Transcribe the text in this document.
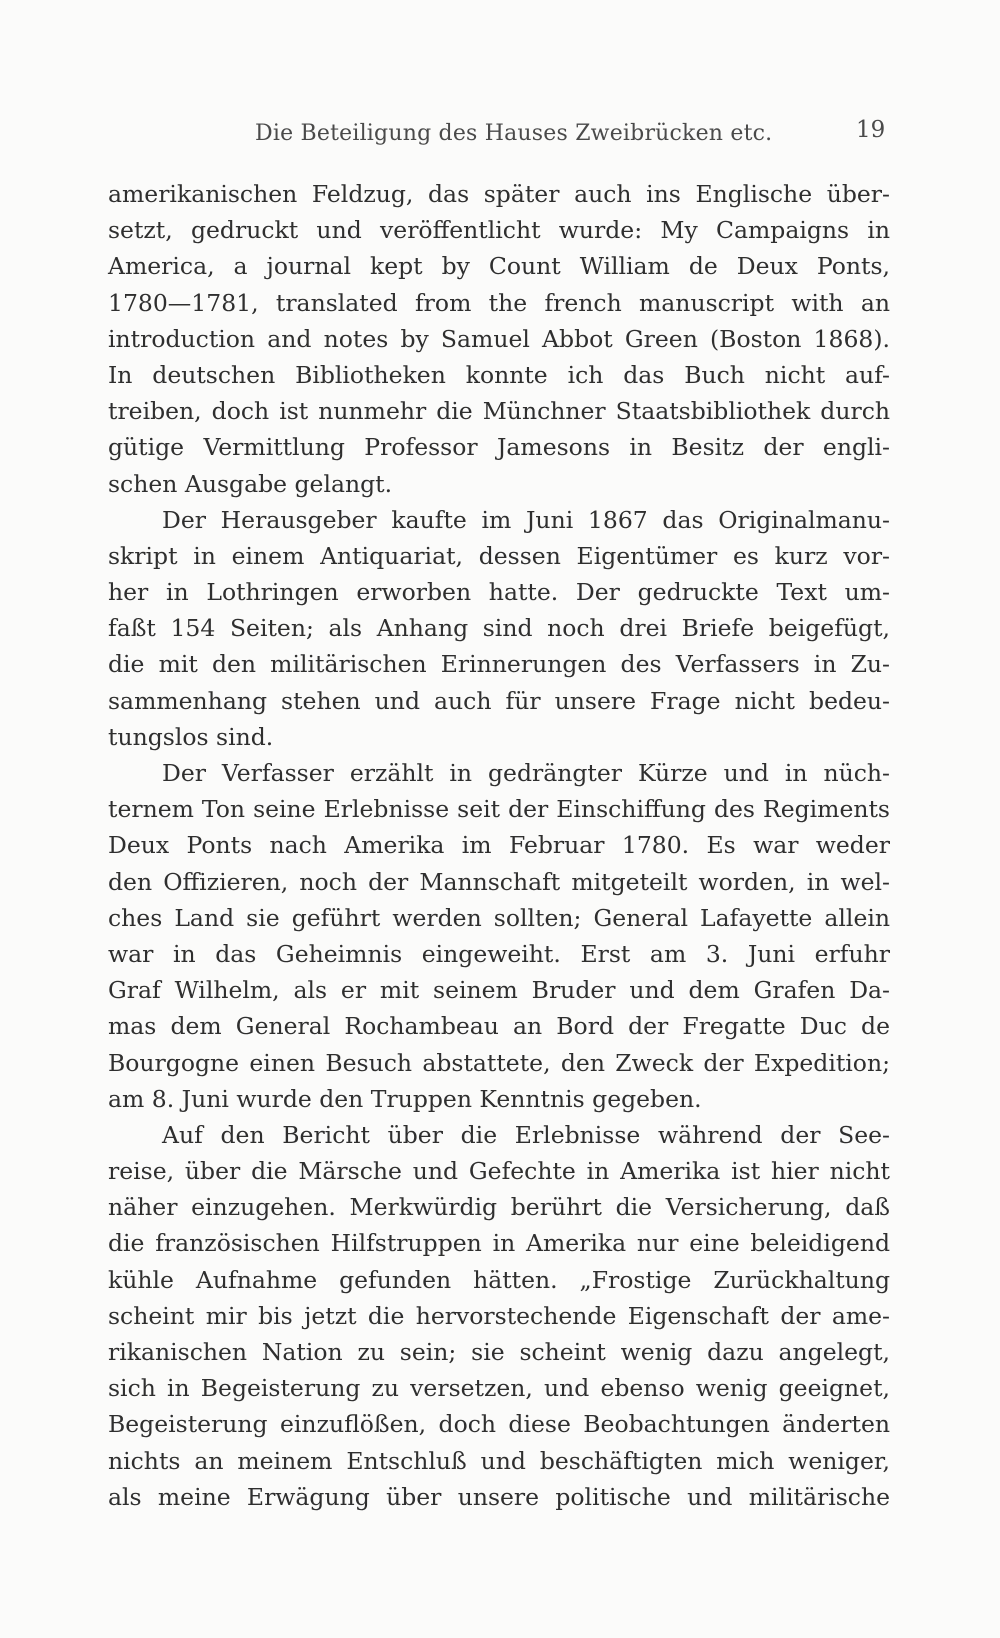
Die Beteiligung des Hauses Zweibrücken etc.	19
amerikanischen Feldzug, das später auch ins Englische über-
setzt, gedruckt und veröffentlicht wurde: My Campaigns in
America, a journal kept by Count William de Deux Ponts,
1780—1781, translated from the french manuscript with an
introduction and notes by Samuel Abbot Green (Boston 1868).
In deutschen Bibliotheken konnte ich das Buch nicht auf-
treiben, doch ist nunmehr die Münchner Staatsbibliothek durch
gütige Vermittlung Professor Jamesons in Besitz der engli-
schen Ausgabe gelangt.
Der Herausgeber kaufte im Juni 1867 das Originalmanu-
skript in einem Antiquariat, dessen Eigentümer es kurz vor-
her in Lothringen erworben hatte. Der gedruckte Text um-
faßt 154 Seiten; als Anhang sind noch drei Briefe beigefügt,
die mit den militärischen Erinnerungen des Verfassers in Zu-
sammenhang stehen und auch für unsere Frage nicht bedeu-
tungslos sind.
Der Verfasser erzählt in gedrängter Kürze und in nüch-
ternem Ton seine Erlebnisse seit der Einschiffung des Regiments
Deux Ponts nach Amerika im Februar 1780. Es war weder
den Offizieren, noch der Mannschaft mitgeteilt worden, in wel-
ches Land sie geführt werden sollten; General Lafayette allein
war in das Geheimnis eingeweiht. Erst am 3. Juni erfuhr
Graf Wilhelm, als er mit seinem Bruder und dem Grafen Da-
mas dem General Rochambeau an Bord der Fregatte Duc de
Bourgogne einen Besuch abstattete, den Zweck der Expedition;
am 8. Juni wurde den Truppen Kenntnis gegeben.
Auf den Bericht über die Erlebnisse während der See-
reise, über die Märsche und Gefechte in Amerika ist hier nicht
näher einzugehen. Merkwürdig berührt die Versicherung, daß
die französischen Hilfstruppen in Amerika nur eine beleidigend
kühle Aufnahme gefunden hätten. „Frostige Zurückhaltung
scheint mir bis jetzt die hervorstechende Eigenschaft der ame-
rikanischen Nation zu sein; sie scheint wenig dazu angelegt,
sich in Begeisterung zu versetzen, und ebenso wenig geeignet,
Begeisterung einzuflößen, doch diese Beobachtungen änderten
nichts an meinem Entschluß und beschäftigten mich weniger,
als meine Erwägung über unsere politische und militärische
